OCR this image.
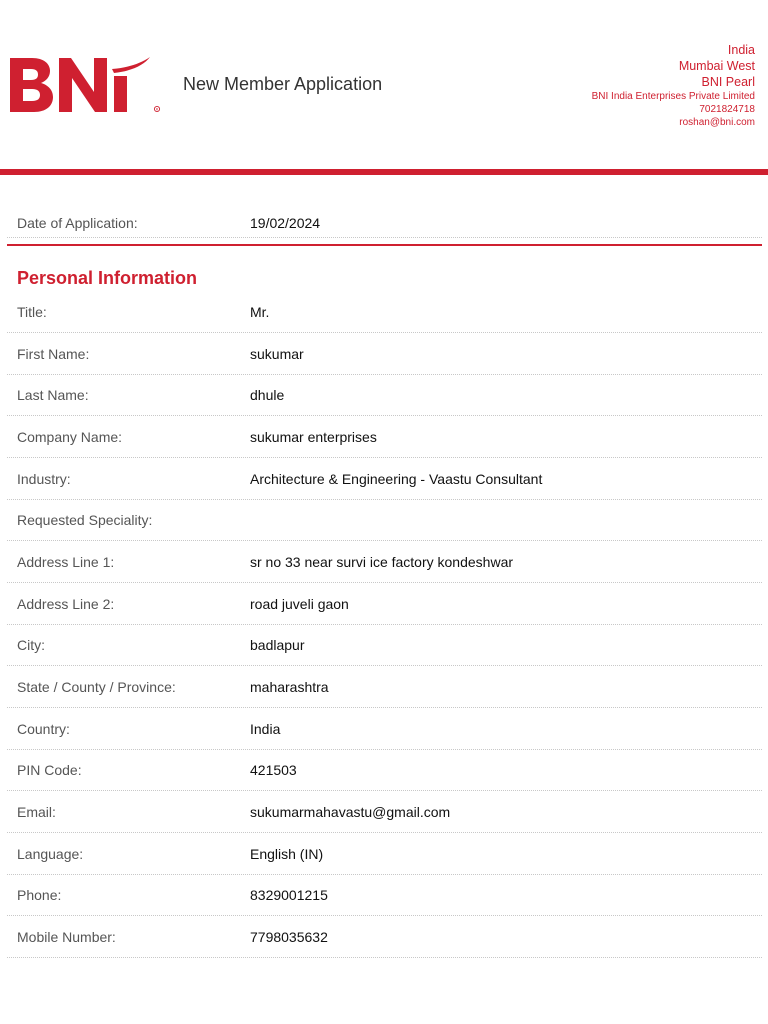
R
New Member Application
India
Mumbai West
BNI Pearl
BNI India Enterprises Private Limited
7021824718
roshan@bni.com
Date of Application:	19/02/2024
Personal Information
Title:	Mr.
First Name:	sukumar
Last Name:	dhule
Company Name:	sukumar enterprises
Industry:	Architecture & Engineering - Vaastu Consultant
Requested Speciality:
Address Line 1:	sr no 33 near survi ice factory kondeshwar
Address Line 2:	road juveli gaon
City:	badlapur
State / County / Province:	maharashtra
Country:	India
PIN Code:	421503
Email:	sukumarmahavastu@gmail.com
Language:	English (IN)
Phone:	8329001215
Mobile Number:	7798035632
